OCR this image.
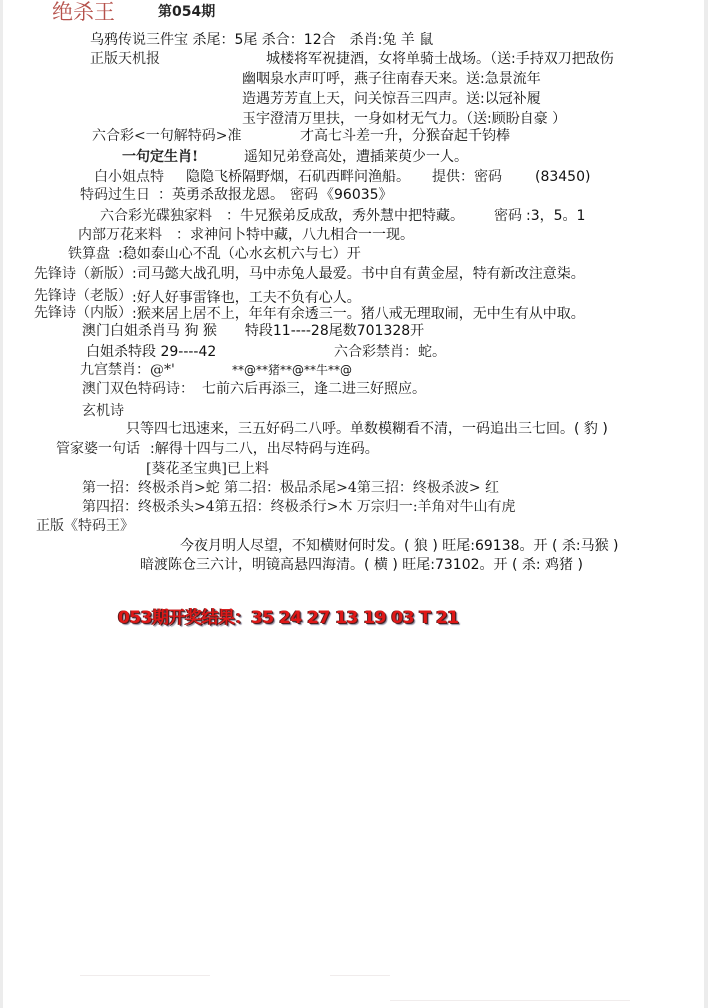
绝杀王	第054期
乌鸦传说三件宝 杀尾：5尾 杀合：12合　杀肖:兔 羊 鼠
正版天机报	城楼将军祝捷酒，女将单骑士战场。（送:手持双刀把敌伤
幽咽泉水声叮呼，燕子往南春天来。送:急景流年
造遇芳芳直上天，问关惊吾三四声。送:以冠补履
玉宇澄清万里扶，一身如材无气力。（送:顾盼自豪 ）
六合彩<一句解特码>准	才高七斗差一升，分猴奋起千钧棒
一句定生肖!	遥知兄弟登高处，遭插莱萸少一人。
白小姐点特 隐隐飞桥隔野烟，石矶西畔问渔船。 提供：密码 (83450)
特码过生日 ：英勇杀敌报龙恩。 密码 《96035》
六合彩光碟独家料 ：牛兄猴弟反成敌，秀外慧中把特藏。 密码 :3，5。1
内部万花来料 ：求神问卜特中藏，八九相合一一现。
铁算盘 :稳如泰山心不乱（心水玄机六与七）开
先锋诗（新版） :司马懿大战孔明，马中赤兔人最爱。书中自有黄金屋，特有新改注意柒。
先锋诗（老版） :好人好事雷锋也，工夫不负有心人。
先锋诗（内版） :猴来居上居不上，年年有余透三一。猪八戒无理取闹，无中生有从中取。
澳门白姐杀肖马 狗 猴　　特段11----28尾数701328开
白姐杀特段 29----42	六合彩禁肖：蛇。
九宫禁肖：@*'	**@**猪**@**牛**@
澳门双色特码诗： 七前六后再添三，逢二进三好照应。
玄机诗
只等四七迅速来，三五好码二八呼。单数模糊看不清，一码追出三七回。( 豹 )
管家婆一句话 :解得十四与二八，出尽特码与连码。
[葵花圣宝典]已上料
第一招：终极杀肖>蛇 第二招：极品杀尾>4第三招：终极杀波> 红
第四招：终极杀头>4第五招：终极杀行>木 万宗归一:羊角对牛山有虎
正版《特码王》
今夜月明人尽望，不知横财何时发。( 狼 ) 旺尾:69138。开 ( 杀:马猴 )
暗渡陈仓三六计，明镜高悬四海清。( 横 ) 旺尾:73102。开 ( 杀: 鸡猪 )
053期开奖结果：35 24 27 13 19 03 T 21
